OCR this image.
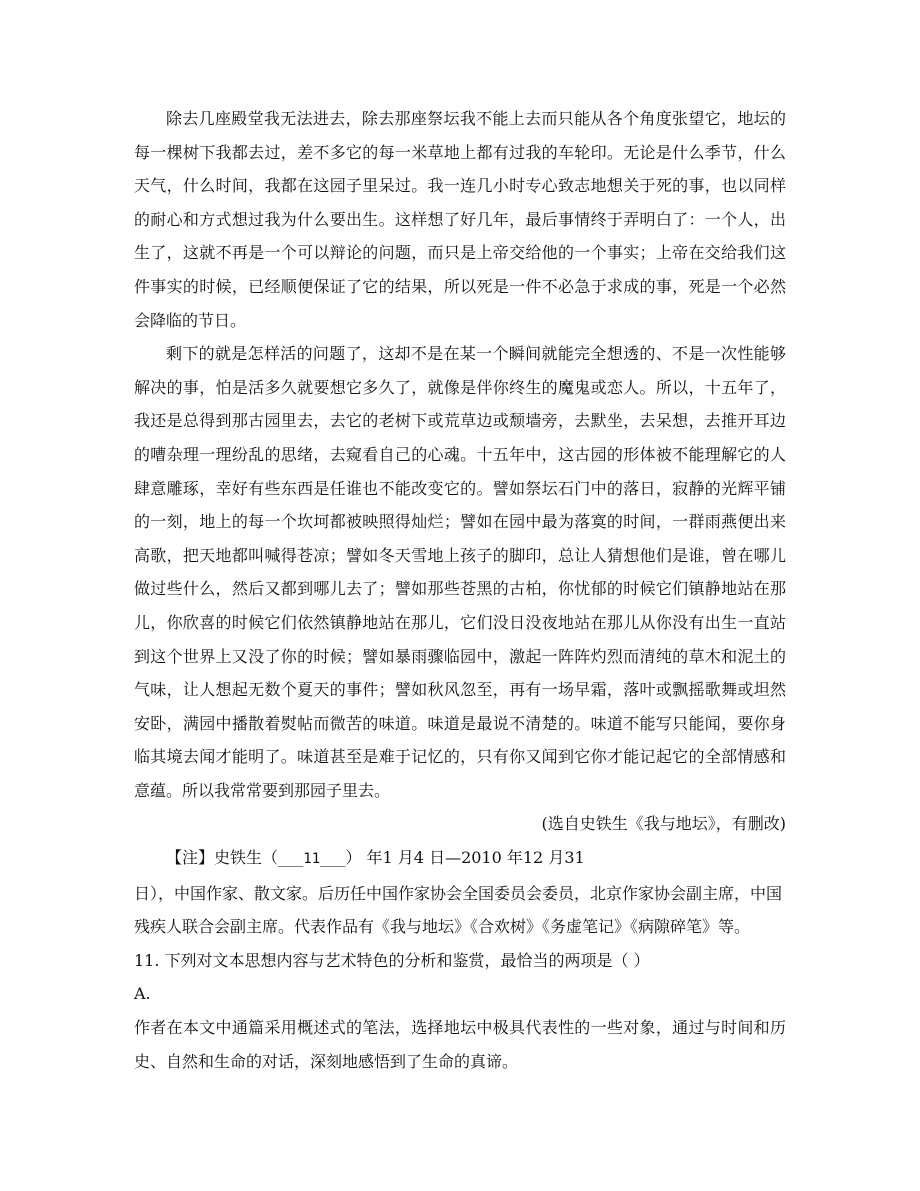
除去几座殿堂我无法进去，除去那座祭坛我不能上去而只能从各个角度张望它，地坛的每一棵树下我都去过，差不多它的每一米草地上都有过我的车轮印。无论是什么季节，什么天气，什么时间，我都在这园子里呆过。我一连几小时专心致志地想关于死的事，也以同样的耐心和方式想过我为什么要出生。这样想了好几年，最后事情终于弄明白了：一个人，出生了，这就不再是一个可以辩论的问题，而只是上帝交给他的一个事实；上帝在交给我们这件事实的时候，已经顺便保证了它的结果，所以死是一件不必急于求成的事，死是一个必然会降临的节日。

剩下的就是怎样活的问题了，这却不是在某一个瞬间就能完全想透的、不是一次性能够解决的事，怕是活多久就要想它多久了，就像是伴你终生的魔鬼或恋人。所以，十五年了，我还是总得到那古园里去，去它的老树下或荒草边或颓墙旁，去默坐，去呆想，去推开耳边的嘈杂理一理纷乱的思绪，去窥看自己的心魂。十五年中，这古园的形体被不能理解它的人肆意雕琢，幸好有些东西是任谁也不能改变它的。譬如祭坛石门中的落日，寂静的光辉平铺的一刻，地上的每一个坎坷都被映照得灿烂；譬如在园中最为落寞的时间，一群雨燕便出来高歌，把天地都叫喊得苍凉；譬如冬天雪地上孩子的脚印，总让人猜想他们是谁，曾在哪儿做过些什么，然后又都到哪儿去了；譬如那些苍黑的古柏，你忧郁的时候它们镇静地站在那儿，你欣喜的时候它们依然镇静地站在那儿，它们没日没夜地站在那儿从你没有出生一直站到这个世界上又没了你的时候；譬如暴雨骤临园中，激起一阵阵灼烈而清纯的草木和泥土的气味，让人想起无数个夏天的事件；譬如秋风忽至，再有一场早霜，落叶或飘摇歌舞或坦然安卧，满园中播散着熨帖而微苦的味道。味道是最说不清楚的。味道不能写只能闻，要你身临其境去闻才能明了。味道甚至是难于记忆的，只有你又闻到它你才能记起它的全部情感和意蕴。所以我常常要到那园子里去。

(选自史铁生《我与地坛》，有删改)

【注】史铁生（___11___） 年1 月4 日—2010 年12 月31
日），中国作家、散文家。后历任中国作家协会全国委员会委员，北京作家协会副主席，中国残疾人联合会副主席。代表作品有《我与地坛》《合欢树》《务虚笔记》《病隙碎笔》等。

11. 下列对文本思想内容与艺术特色的分析和鉴赏，最恰当的两项是（ ）

A.

作者在本文中通篇采用概述式的笔法，选择地坛中极具代表性的一些对象，通过与时间和历史、自然和生命的对话，深刻地感悟到了生命的真谛。
